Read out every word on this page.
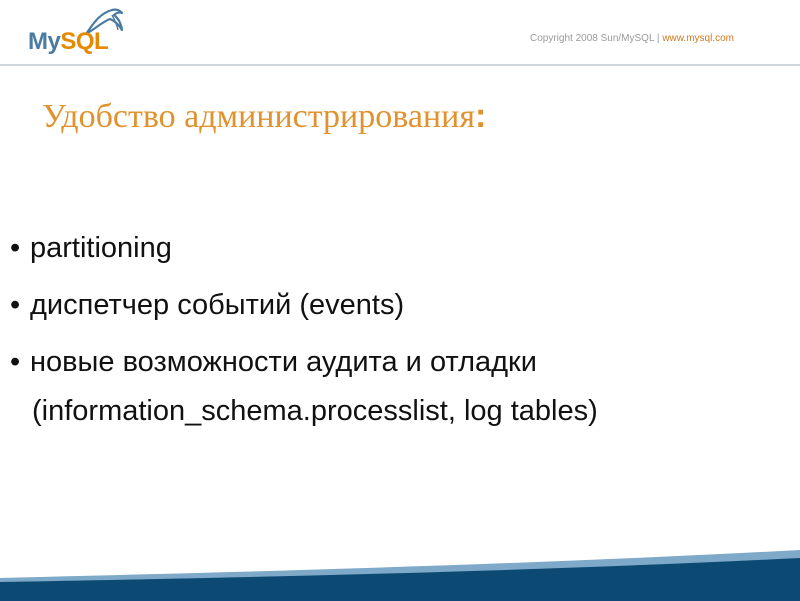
MySQL	Copyright 2008 Sun/MySQL | www.mysql.com
Удобство администрирования:
• partitioning
• диспетчер событий (events)
• новые возможности аудита и отладки
(information_schema.processlist, log tables)
